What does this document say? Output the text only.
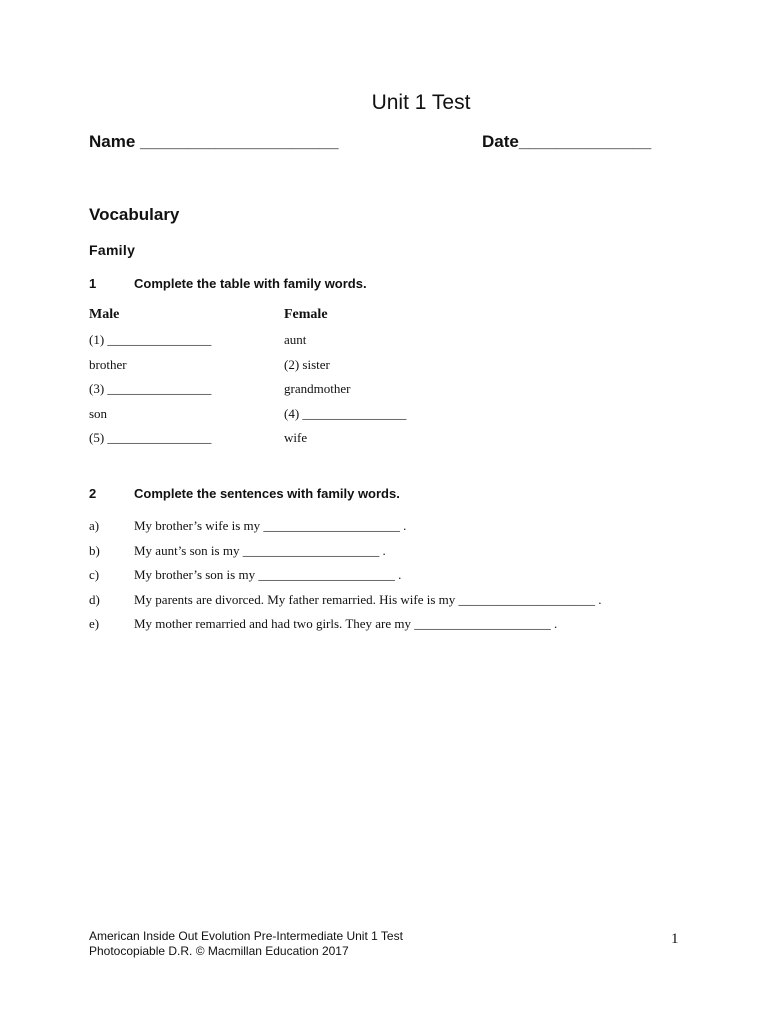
Unit 1 Test
Name _____________________	Date______________
Vocabulary
Family
1	Complete the table with family words.
Male	Female
(1) ________________	aunt
brother	(2) sister
(3) ________________	grandmother
son	(4) ________________
(5) ________________	wife
2	Complete the sentences with family words.
a)	My brother’s wife is my _____________________ .
b)	My aunt’s son is my _____________________ .
c)	My brother’s son is my _____________________ .
d)	My parents are divorced. My father remarried. His wife is my _____________________ .
e)	My mother remarried and had two girls. They are my _____________________ .
American Inside Out Evolution Pre-Intermediate Unit 1 Test
Photocopiable D.R. © Macmillan Education 2017
1
